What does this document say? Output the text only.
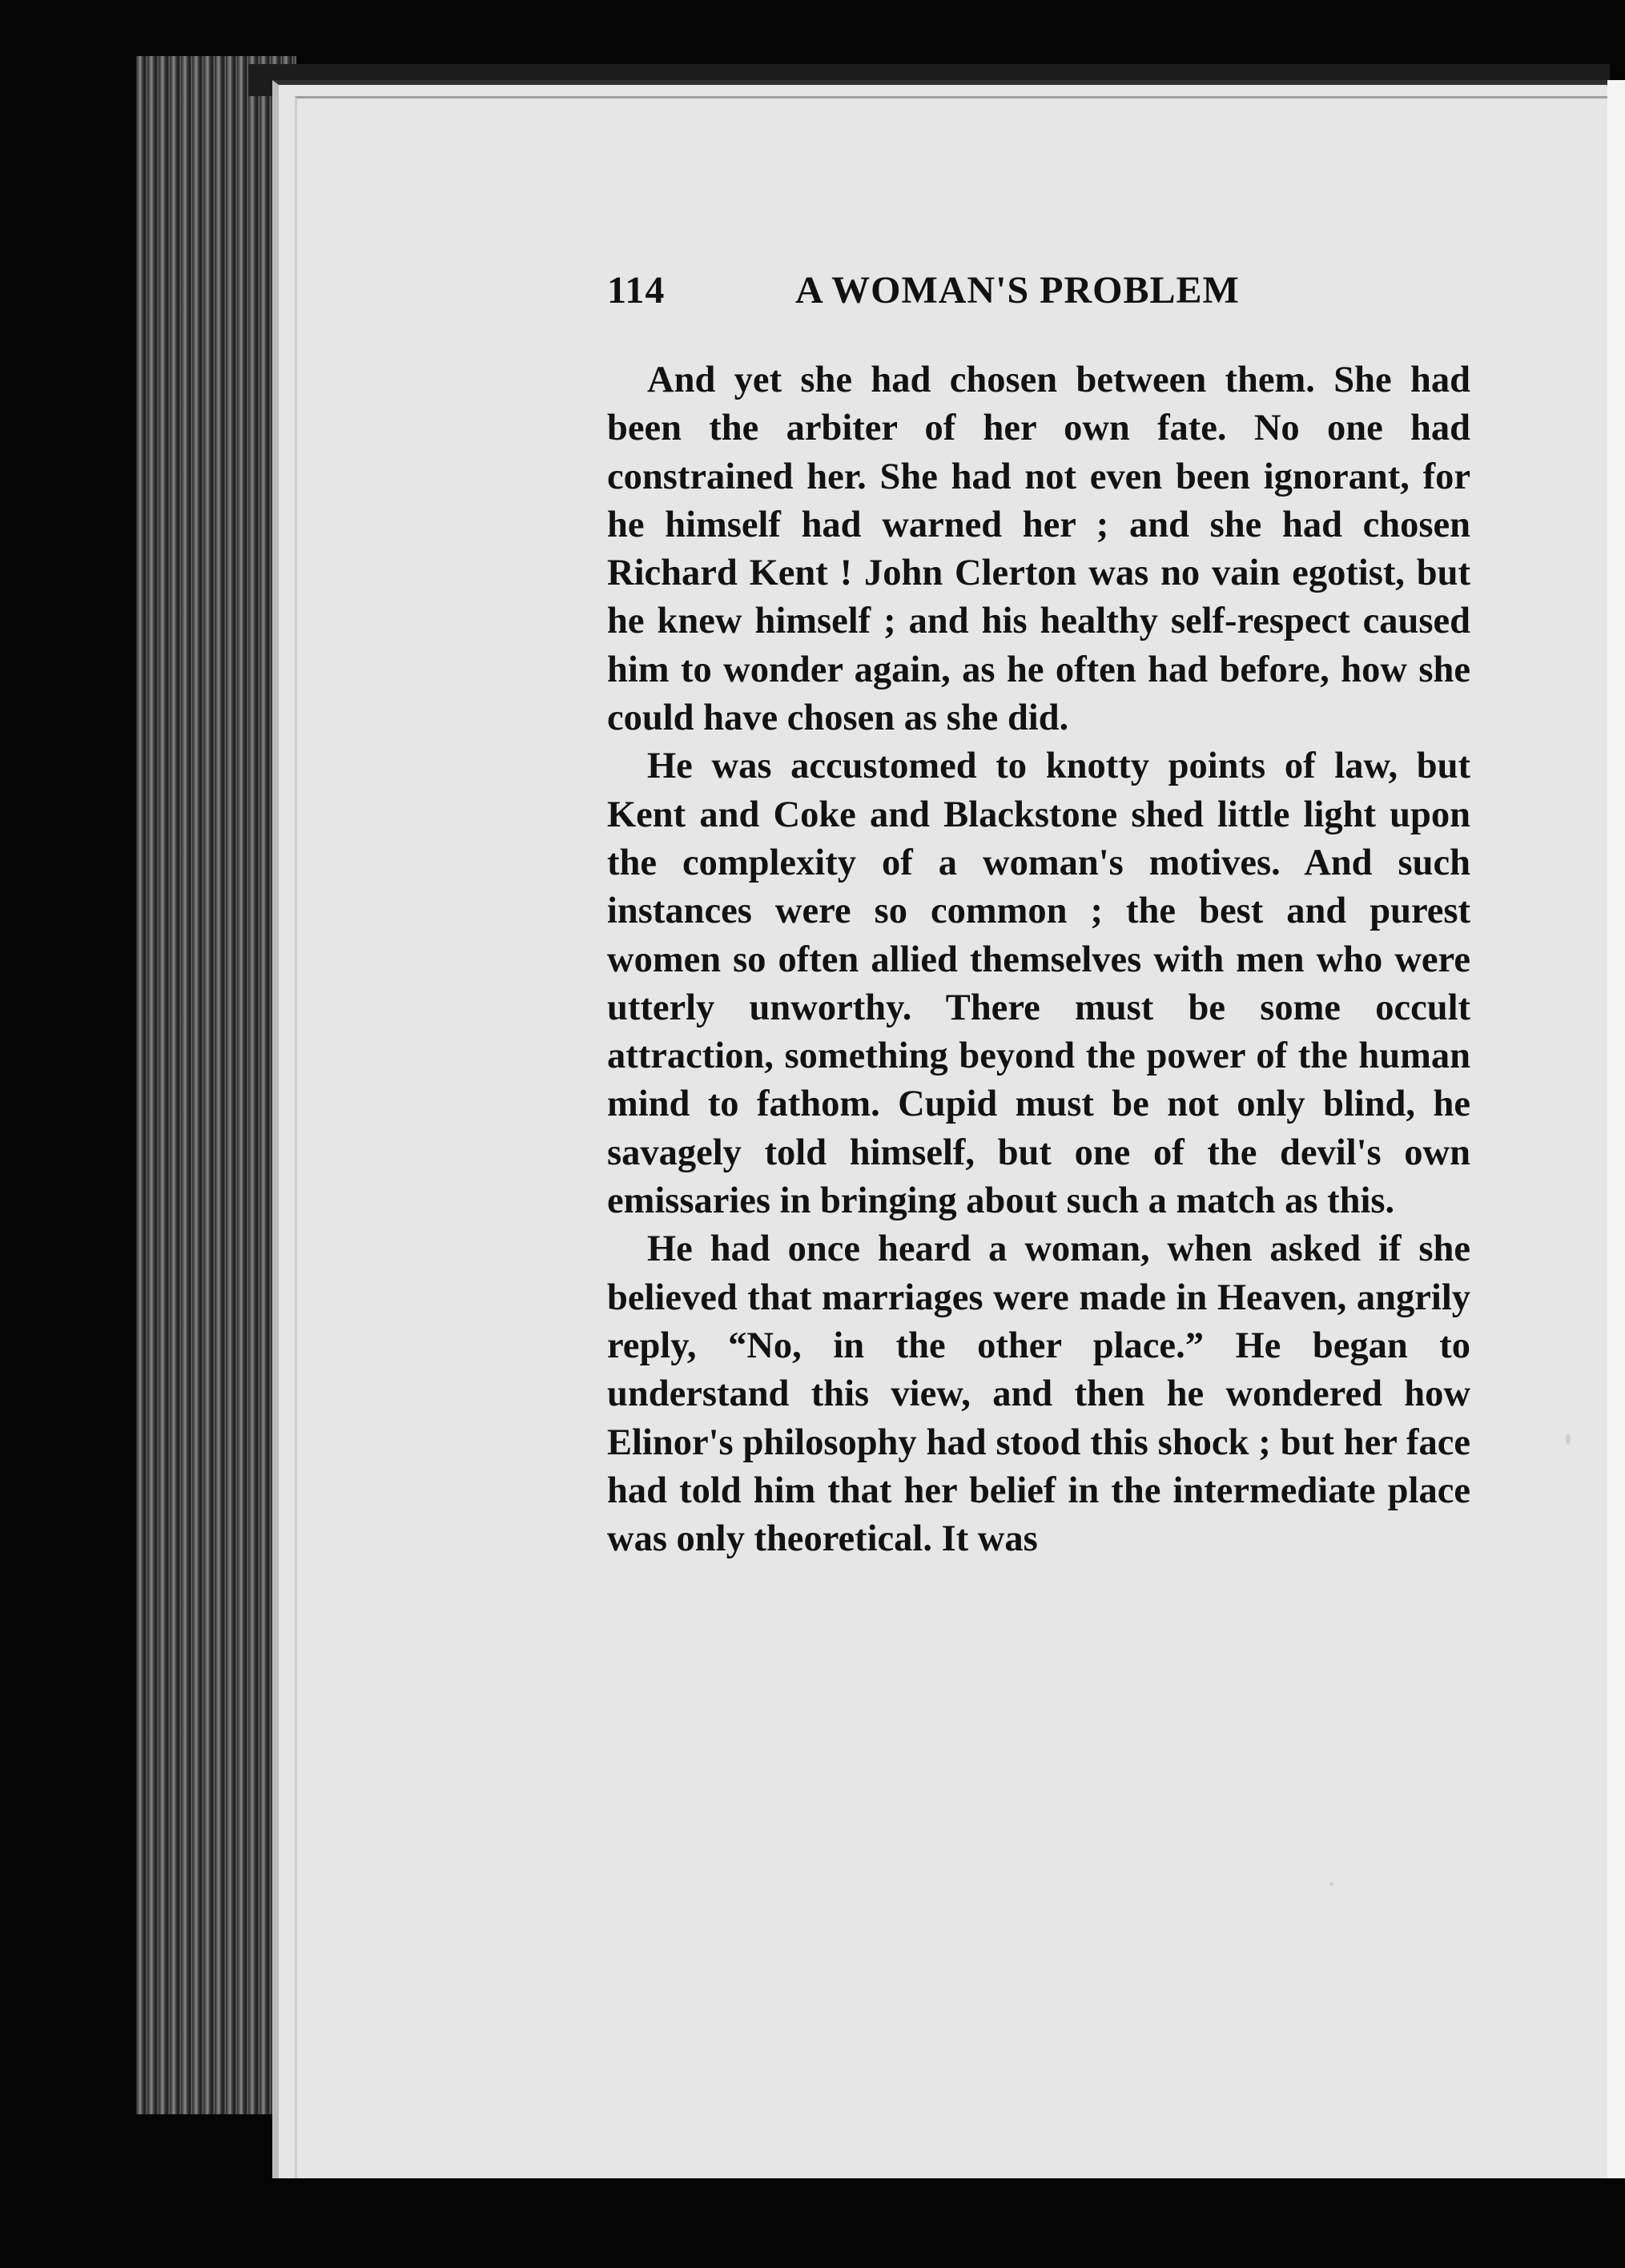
114	A WOMAN'S PROBLEM

And yet she had chosen between them. She had been the arbiter of her own fate. No one had constrained her. She had not even been ignorant, for he himself had warned her ; and she had chosen Richard Kent ! John Clerton was no vain egotist, but he knew himself ; and his healthy self-respect caused him to wonder again, as he often had before, how she could have chosen as she did.

He was accustomed to knotty points of law, but Kent and Coke and Blackstone shed little light upon the complexity of a woman's motives. And such instances were so common ; the best and purest women so often allied themselves with men who were utterly unworthy. There must be some occult attraction, something beyond the power of the human mind to fathom. Cupid must be not only blind, he savagely told himself, but one of the devil's own emissaries in bringing about such a match as this.

He had once heard a woman, when asked if she believed that marriages were made in Heaven, angrily reply, “No, in the other place.” He began to understand this view, and then he wondered how Elinor's philosophy had stood this shock ; but her face had told him that her belief in the intermediate place was only theoretical. It was
